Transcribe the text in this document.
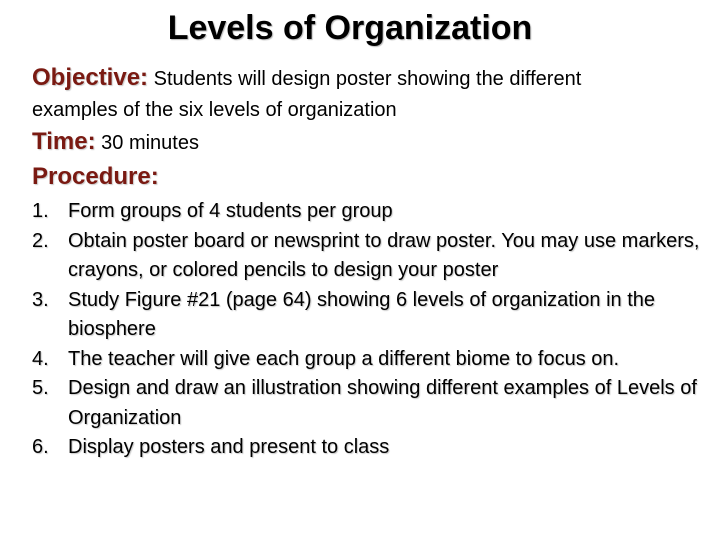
Levels of Organization
Objective: Students will design poster showing the different examples of the six levels of organization
Time: 30 minutes
Procedure:
1. Form groups of 4 students per group
2. Obtain poster board or newsprint to draw poster. You may use markers, crayons, or colored pencils to design your poster
3. Study Figure #21 (page 64) showing 6 levels of organization in the biosphere
4. The teacher will give each group a different biome to focus on.
5. Design and draw an illustration showing different examples of Levels of Organization
6. Display posters and present to class
